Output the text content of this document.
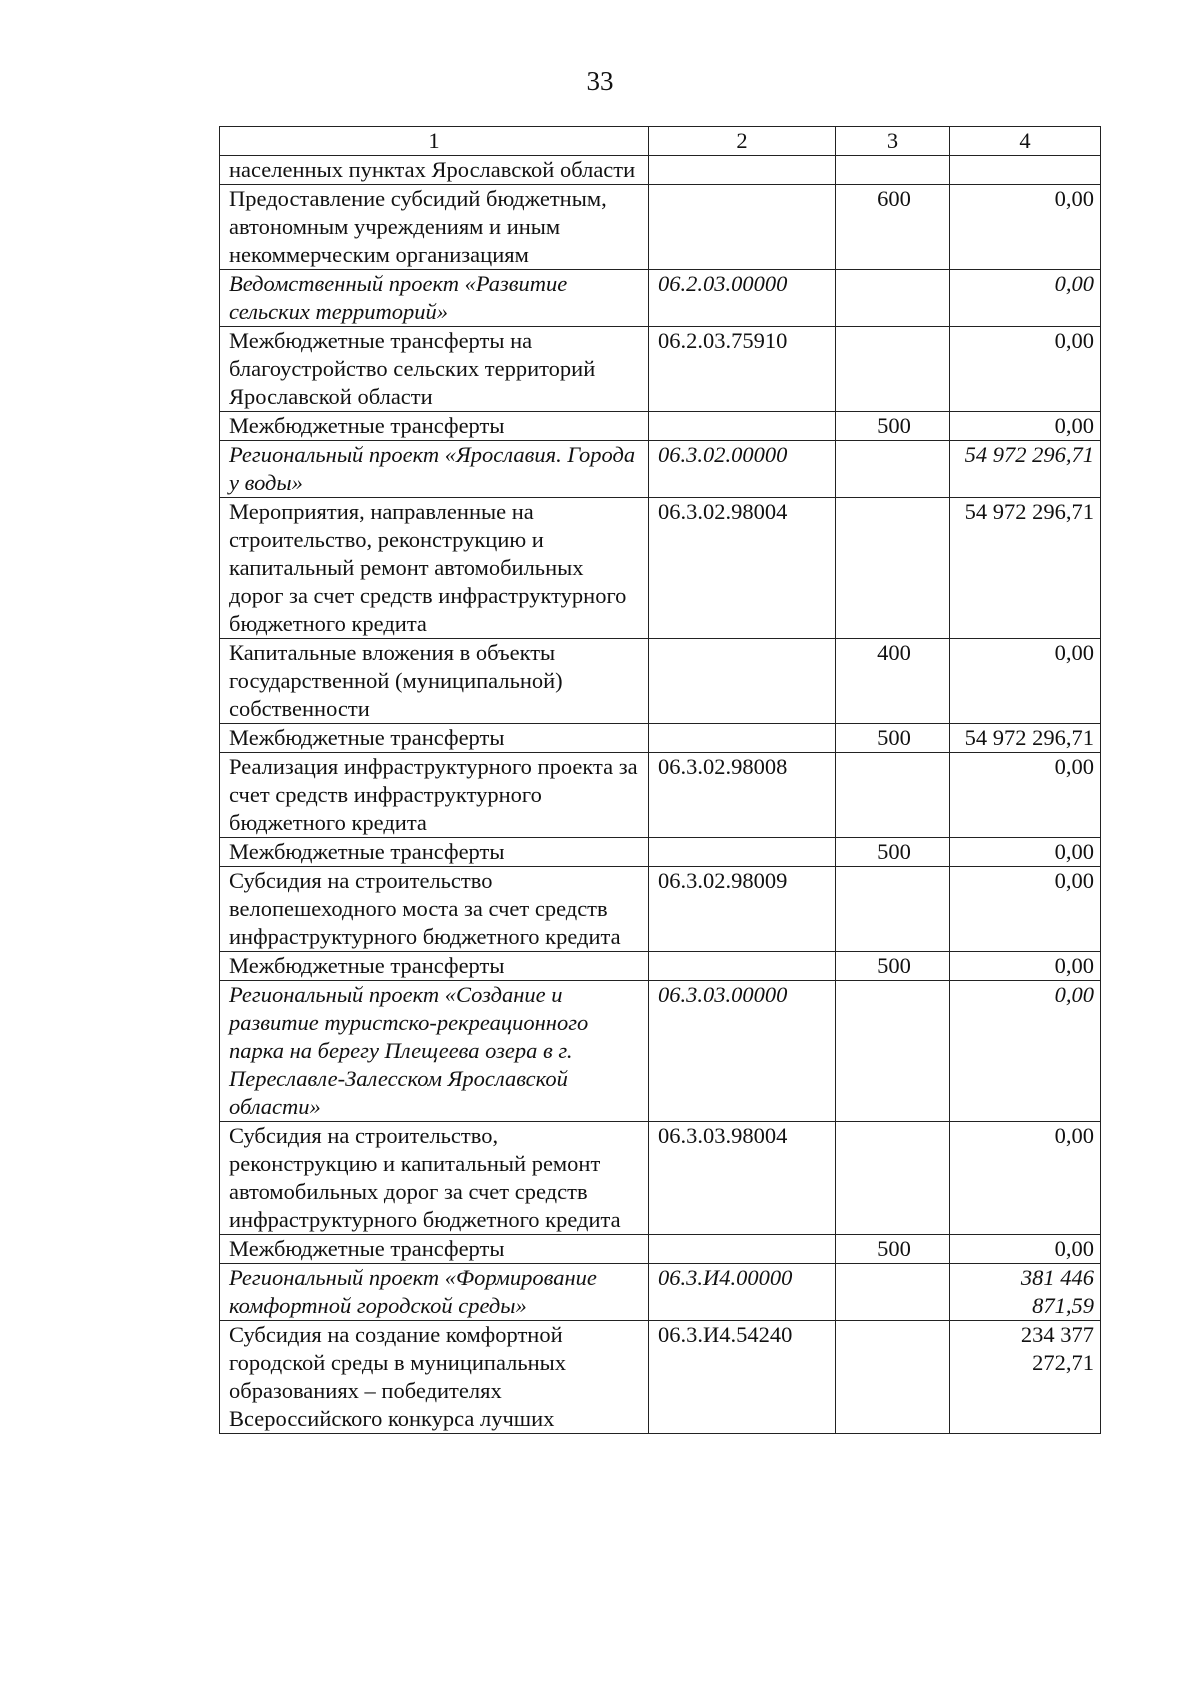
33
1	2	3	4
населенных пунктах Ярославской области			
Предоставление субсидий бюджетным, автономным учреждениям и иным некоммерческим организациям		600	0,00
Ведомственный проект «Развитие сельских территорий»	06.2.03.00000		0,00
Межбюджетные трансферты на благоустройство сельских территорий Ярославской области	06.2.03.75910		0,00
Межбюджетные трансферты		500	0,00
Региональный проект «Ярославия. Города у воды»	06.3.02.00000		54 972 296,71
Мероприятия, направленные на строительство, реконструкцию и капитальный ремонт автомобильных дорог за счет средств инфраструктурного бюджетного кредита	06.3.02.98004		54 972 296,71
Капитальные вложения в объекты государственной (муниципальной) собственности		400	0,00
Межбюджетные трансферты		500	54 972 296,71
Реализация инфраструктурного проекта за счет средств инфраструктурного бюджетного кредита	06.3.02.98008		0,00
Межбюджетные трансферты		500	0,00
Субсидия на строительство велопешеходного моста за счет средств инфраструктурного бюджетного кредита	06.3.02.98009		0,00
Межбюджетные трансферты		500	0,00
Региональный проект «Создание и развитие туристско-рекреационного парка на берегу Плещеева озера в г. Переславле-Залесском Ярославской области»	06.3.03.00000		0,00
Субсидия на строительство, реконструкцию и капитальный ремонт автомобильных дорог за счет средств инфраструктурного бюджетного кредита	06.3.03.98004		0,00
Межбюджетные трансферты		500	0,00
Региональный проект «Формирование комфортной городской среды»	06.3.И4.00000		381 446 871,59
Субсидия на создание комфортной городской среды в муниципальных образованиях – победителях Всероссийского конкурса лучших	06.3.И4.54240		234 377 272,71
